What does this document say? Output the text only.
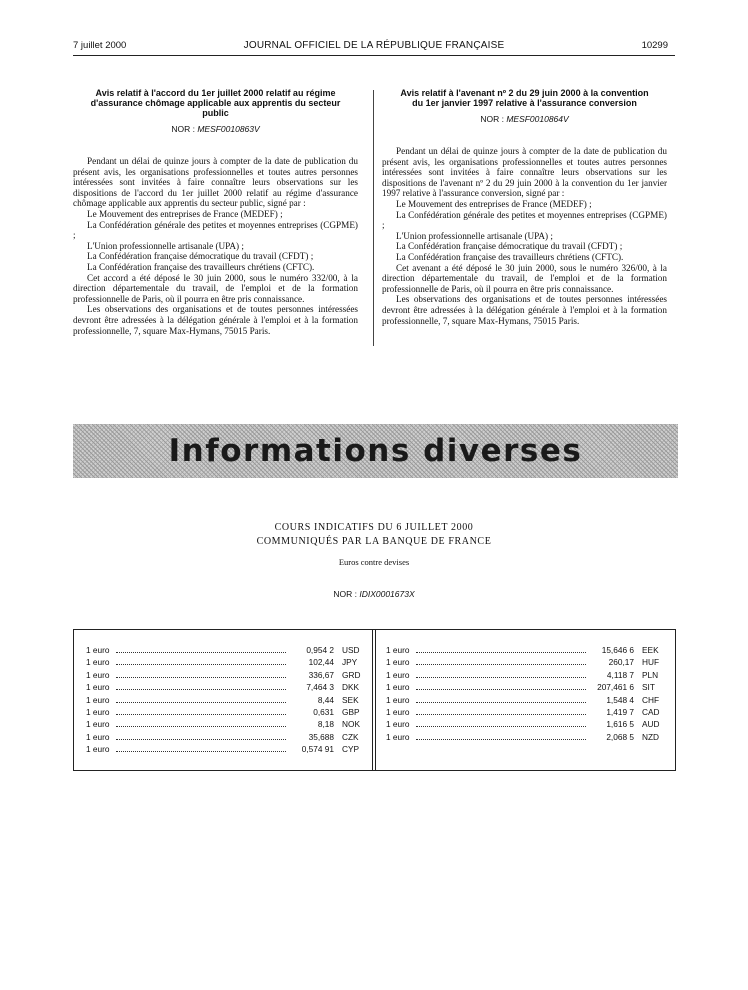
7 juillet 2000	JOURNAL OFFICIEL DE LA RÉPUBLIQUE FRANÇAISE	10299
Avis relatif à l'accord du 1er juillet 2000 relatif au régime d'assurance chômage applicable aux apprentis du secteur public
NOR : MESF0010863V

Pendant un délai de quinze jours à compter de la date de publication du présent avis, les organisations professionnelles et toutes autres personnes intéressées sont invitées à faire connaître leurs observations sur les dispositions de l'accord du 1er juillet 2000 relatif au régime d'assurance chômage applicable aux apprentis du secteur public, signé par :

Le Mouvement des entreprises de France (MEDEF) ;

La Confédération générale des petites et moyennes entreprises (CGPME) ;

L'Union professionnelle artisanale (UPA) ;

La Confédération française démocratique du travail (CFDT) ;

La Confédération française des travailleurs chrétiens (CFTC).

Cet accord a été déposé le 30 juin 2000, sous le numéro 332/00, à la direction départementale du travail, de l'emploi et de la formation professionnelle de Paris, où il pourra en être pris connaissance.

Les observations des organisations et de toutes personnes intéressées devront être adressées à la délégation générale à l'emploi et à la formation professionnelle, 7, square Max-Hymans, 75015 Paris.

Avis relatif à l'avenant nº 2 du 29 juin 2000 à la convention du 1er janvier 1997 relative à l'assurance conversion
NOR : MESF0010864V

Pendant un délai de quinze jours à compter de la date de publication du présent avis, les organisations professionnelles et toutes autres personnes intéressées sont invitées à faire connaître leurs observations sur les dispositions de l'avenant nº 2 du 29 juin 2000 à la convention du 1er janvier 1997 relative à l'assurance conversion, signé par :

Le Mouvement des entreprises de France (MEDEF) ;

La Confédération générale des petites et moyennes entreprises (CGPME) ;

L'Union professionnelle artisanale (UPA) ;

La Confédération française démocratique du travail (CFDT) ;

La Confédération française des travailleurs chrétiens (CFTC).

Cet avenant a été déposé le 30 juin 2000, sous le numéro 326/00, à la direction départementale du travail, de l'emploi et de la formation professionnelle de Paris, où il pourra en être pris connaissance.

Les observations des organisations et de toutes personnes intéressées devront être adressées à la délégation générale à l'emploi et à la formation professionnelle, 7, square Max-Hymans, 75015 Paris.

Informations diverses
COURS INDICATIFS DU 6 JUILLET 2000
COMMUNIQUÉS PAR LA BANQUE DE FRANCE
Euros contre devises
NOR : IDIX0001673X
1 euro	0,954 2 USD
1 euro	102,44 JPY
1 euro	336,67 GRD
1 euro	7,464 3 DKK
1 euro	8,44 SEK
1 euro	0,631 GBP
1 euro	8,18 NOK
1 euro	35,688 CZK
1 euro	0,574 91 CYP
1 euro	15,646 6 EEK
1 euro	260,17 HUF
1 euro	4,118 7 PLN
1 euro	207,461 6 SIT
1 euro	1,548 4 CHF
1 euro	1,419 7 CAD
1 euro	1,616 5 AUD
1 euro	2,068 5 NZD
